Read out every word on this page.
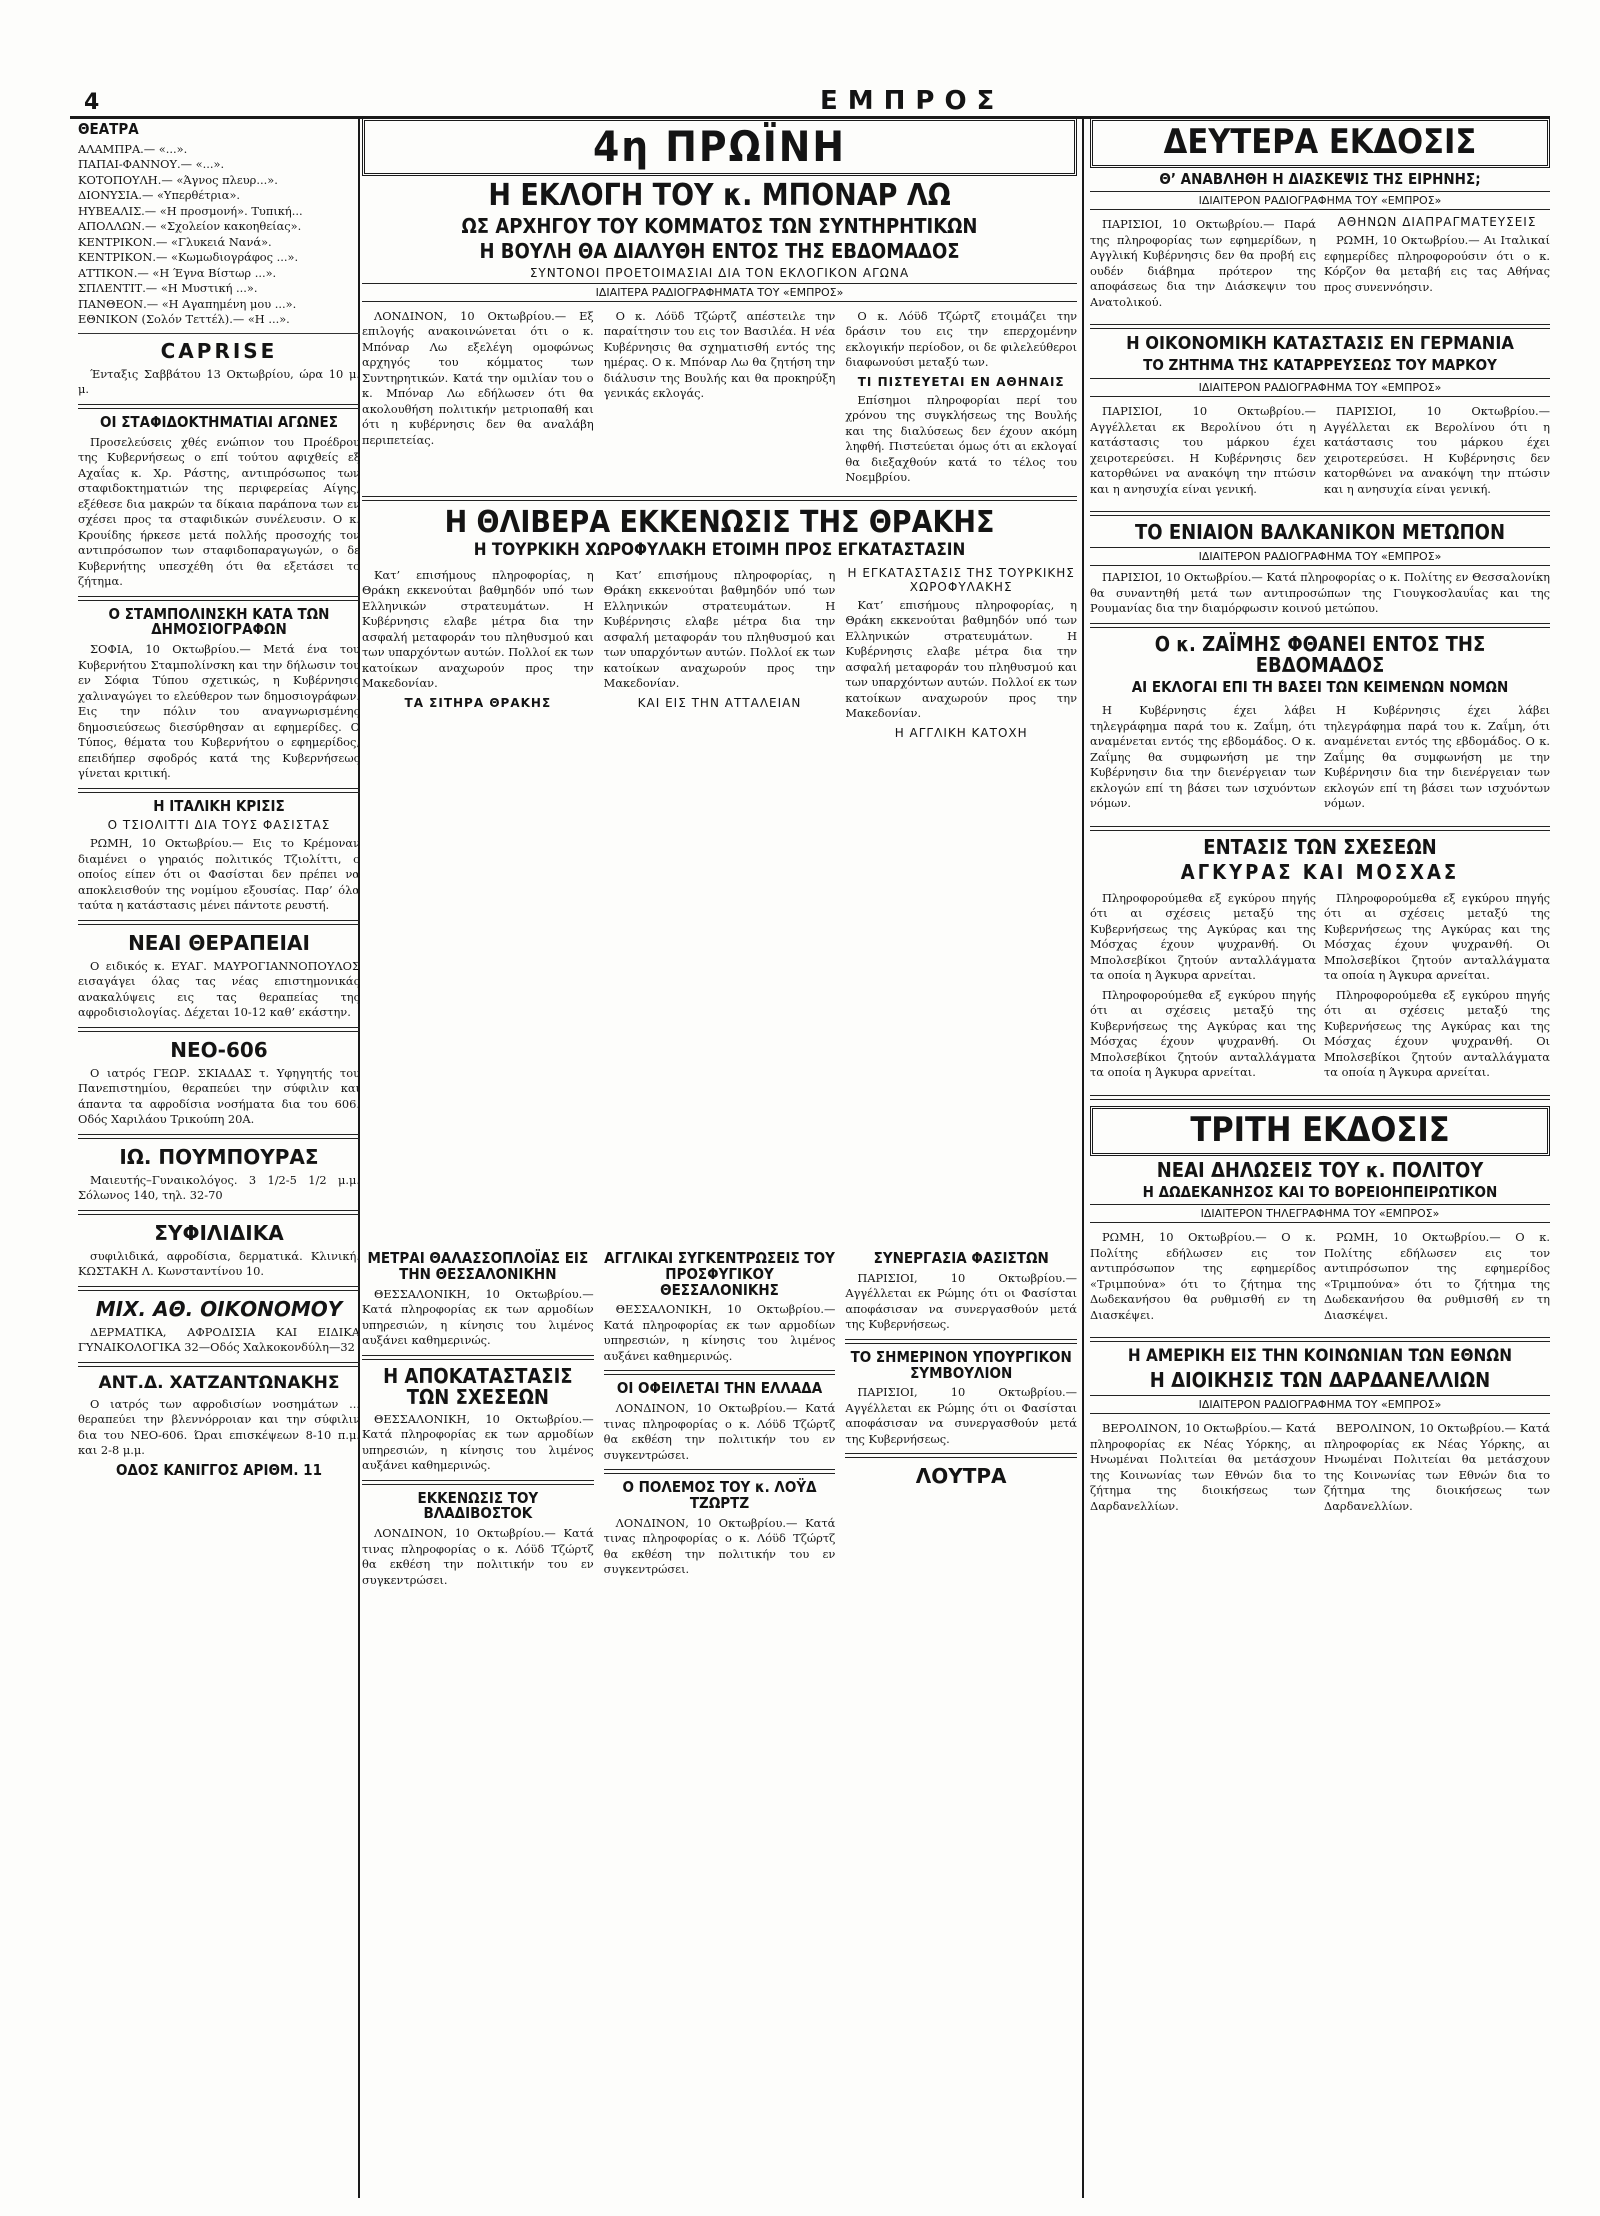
4	ΕΜΠΡΟΣ
ΘΕΑΤΡΑ
ΑΛΑΜΠΡΑ.— «...».
ΠΑΠΑΙ-ΦΑΝΝΟΥ.— «...».
ΚΟΤΟΠΟΥΛΗ.— «Άγνος πλευρ...».
ΔΙΟΝΥΣΙΑ.— «Υπερθέτρια».
ΗΥΒΕΑΛΙΣ.— «Η προσμονή». Τυπική...
ΑΠΟΛΛΩΝ.— «Σχολείον κακοηθείας».
ΚΕΝΤΡΙΚΟΝ.— «Γλυκειά Νανά».
ΚΕΝΤΡΙΚΟΝ.— «Κωμωδιογράφος ...».
ΑΤΤΙΚΟΝ.— «Η Έγνα Βίστωρ ...».
ΣΠΛΕΝΤΙΤ.— «Η Μυστική ...».
ΠΑΝΘΕΟΝ.— «Η Αγαπημένη μου ...».
ΕΘΝΙΚΟΝ (Σολόν Τεττέλ).— «Η ...».
CAPRISE

Ένταξις Σαββάτου 13 Οκτωβρίου, ώρα 10 μ. μ.

ΟΙ ΣΤΑΦΙΔΟΚΤΗΜΑΤΙΑΙ ΑΓΩΝΕΣ

Προσελεύσεις χθές ενώπιον του Προέδρου της Κυβερνήσεως ο επί τούτου αφιχθείς εξ Αχαΐας κ. Χρ. Ράστης, αντιπρόσωπος των σταφιδοκτηματιών της περιφερείας Αίγης, εξέθεσε δια μακρών τα δίκαια παράπονα των εν σχέσει προς τα σταφιδικών συνέλευσιν. Ο κ. Κρουίδης ήρκεσε μετά πολλής προσοχής τον αντιπρόσωπον των σταφιδοπαραγωγών, ο δε Κυβερνήτης υπεσχέθη ότι θα εξετάσει το ζήτημα.

Ο ΣΤΑΜΠΟΛΙΝΣΚΗ ΚΑΤΑ ΤΩΝ ΔΗΜΟΣΙΟΓΡΑΦΩΝ

ΣΟΦΙΑ, 10 Οκτωβρίου.— Μετά ένα του Κυβερνήτου Σταμπολίνσκη και την δήλωσιν του εν Σόφια Τύπου σχετικώς, η Κυβέρνησις χαλιναγώγει το ελεύθερον των δημοσιογράφων. Εις την πόλιν του αναγνωρισμένης δημοσιεύσεως διεσύρθησαν αι εφημερίδες. Ο Τύπος, θέματα του Κυβερνήτου ο εφημερίδος, επειδήπερ σφοδρός κατά της Κυβερνήσεως γίνεται κριτική.

Η ΙΤΑΛΙΚΗ ΚΡΙΣΙΣ
Ο ΤΣΙΟΛΙΤΤΙ ΔΙΑ ΤΟΥΣ ΦΑΣΙΣΤΑΣ

ΡΩΜΗ, 10 Οκτωβρίου.— Εις το Κρέμοναν διαμένει ο γηραιός πολιτικός Τζιολίττι, ο οποίος είπεν ότι οι Φασίσται δεν πρέπει να αποκλεισθούν της νομίμου εξουσίας. Παρ’ όλα ταύτα η κατάστασις μένει πάντοτε ρευστή.

ΝΕΑΙ ΘΕΡΑΠΕΙΑΙ

Ο ειδικός κ. ΕΥΑΓ. ΜΑΥΡΟΓΙΑΝΝΟΠΟΥΛΟΣ εισαγάγει όλας τας νέας επιστημονικάς ανακαλύψεις εις τας θεραπείας της αφροδισιολογίας. Δέχεται 10-12 καθ’ εκάστην.

ΝΕΟ-606

Ο ιατρός ΓΕΩΡ. ΣΚΙΑΔΑΣ τ. Υφηγητής του Πανεπιστημίου, θεραπεύει την σύφιλιν και άπαντα τα αφροδίσια νοσήματα δια του 606. Οδός Χαριλάου Τρικούπη 20Α.

ΙΩ. ΠΟΥΜΠΟΥΡΑΣ

Μαιευτής–Γυναικολόγος. 3 1/2-5 1/2 μ.μ. Σόλωνος 140, τηλ. 32-70

ΣΥΦΙΛΙΔΙΚΑ

συφιλιδικά, αφροδίσια, δερματικά. Κλινική. ΚΩΣΤΑΚΗ Λ. Κωνσταντίνου 10.

ΜΙΧ. ΑΘ. ΟΙΚΟΝΟΜΟΥ

ΔΕΡΜΑΤΙΚΑ, ΑΦΡΟΔΙΣΙΑ ΚΑΙ ΕΙΔΙΚΑ ΓΥΝΑΙΚΟΛΟΓΙΚΑ 32—Οδός Χαλκοκονδύλη—32

ΑΝΤ.Δ. ΧΑΤΖΑΝΤΩΝΑΚΗΣ

Ο ιατρός των αφροδισίων νοσημάτων ... θεραπεύει την βλεννόρροιαν και την σύφιλιν δια του ΝΕΟ-606. Ώραι επισκέψεων 8-10 π.μ. και 2-8 μ.μ.

ΟΔΟΣ ΚΑΝΙΓΓΟΣ ΑΡΙΘΜ. 11
4η ΠΡΩΪΝΗ
Η ΕΚΛΟΓΗ ΤΟΥ κ. ΜΠΟΝΑΡ ΛΩ
ΩΣ ΑΡΧΗΓΟΥ ΤΟΥ ΚΟΜΜΑΤΟΣ ΤΩΝ ΣΥΝΤΗΡΗΤΙΚΩΝ
Η ΒΟΥΛΗ ΘΑ ΔΙΑΛΥΘΗ ΕΝΤΟΣ ΤΗΣ ΕΒΔΟΜΑΔΟΣ
ΣΥΝΤΟΝΟΙ ΠΡΟΕΤΟΙΜΑΣΙΑΙ ΔΙΑ ΤΟΝ ΕΚΛΟΓΙΚΟΝ ΑΓΩΝΑ
ΙΔΙΑΙΤΕΡΑ ΡΑΔΙΟΓΡΑΦΗΜΑΤΑ ΤΟΥ «ΕΜΠΡΟΣ»

ΛΟΝΔΙΝΟΝ, 10 Οκτωβρίου.— Εξ επιλογής ανακοινώνεται ότι ο κ. Μπόναρ Λω εξελέγη ομοφώνως αρχηγός του κόμματος των Συντηρητικών. Κατά την ομιλίαν του ο κ. Μπόναρ Λω εδήλωσεν ότι θα ακολουθήση πολιτικήν μετριοπαθή και ότι η κυβέρνησις δεν θα αναλάβη περιπετείας.

Ο κ. Λόϋδ Τζώρτζ απέστειλε την παραίτησιν του εις τον Βασιλέα. Η νέα Κυβέρνησις θα σχηματισθή εντός της ημέρας. Ο κ. Μπόναρ Λω θα ζητήση την διάλυσιν της Βουλής και θα προκηρύξη γενικάς εκλογάς.

Ο κ. Λόϋδ Τζώρτζ ετοιμάζει την δράσιν του εις την επερχομένην εκλογικήν περίοδον, οι δε φιλελεύθεροι διαφωνούσι μεταξύ των.

ΤΙ ΠΙΣΤΕΥΕΤΑΙ ΕΝ ΑΘΗΝΑΙΣ

Επίσημοι πληροφορίαι περί του χρόνου της συγκλήσεως της Βουλής και της διαλύσεως δεν έχουν ακόμη ληφθή. Πιστεύεται όμως ότι αι εκλογαί θα διεξαχθούν κατά το τέλος του Νοεμβρίου.

Η ΘΛΙΒΕΡΑ ΕΚΚΕΝΩΣΙΣ ΤΗΣ ΘΡΑΚΗΣ
Η ΤΟΥΡΚΙΚΗ ΧΩΡΟΦΥΛΑΚΗ ΕΤΟΙΜΗ ΠΡΟΣ ΕΓΚΑΤΑΣΤΑΣΙΝ

Κατ’ επισήμους πληροφορίας, η Θράκη εκκενούται βαθμηδόν υπό των Ελληνικών στρατευμάτων. Η Κυβέρνησις ελαβε μέτρα δια την ασφαλή μεταφοράν του πληθυσμού και των υπαρχόντων αυτών. Πολλοί εκ των κατοίκων αναχωρούν προς την Μακεδονίαν.

ΤΑ ΣΙΤΗΡΑ ΘΡΑΚΗΣ

Κατ’ επισήμους πληροφορίας, η Θράκη εκκενούται βαθμηδόν υπό των Ελληνικών στρατευμάτων. Η Κυβέρνησις ελαβε μέτρα δια την ασφαλή μεταφοράν του πληθυσμού και των υπαρχόντων αυτών. Πολλοί εκ των κατοίκων αναχωρούν προς την Μακεδονίαν.

ΚΑΙ ΕΙΣ ΤΗΝ ΑΤΤΑΛΕΙΑΝ
Η ΕΓΚΑΤΑΣΤΑΣΙΣ ΤΗΣ ΤΟΥΡΚΙΚΗΣ ΧΩΡΟΦΥΛΑΚΗΣ

Κατ’ επισήμους πληροφορίας, η Θράκη εκκενούται βαθμηδόν υπό των Ελληνικών στρατευμάτων. Η Κυβέρνησις ελαβε μέτρα δια την ασφαλή μεταφοράν του πληθυσμού και των υπαρχόντων αυτών. Πολλοί εκ των κατοίκων αναχωρούν προς την Μακεδονίαν.

Η ΑΓΓΛΙΚΗ ΚΑΤΟΧΗ
ΜΕΤΡΑΙ ΘΑΛΑΣΣΟΠΛΟΪΑΣ ΕΙΣ ΤΗΝ ΘΕΣΣΑΛΟΝΙΚΗΝ

ΘΕΣΣΑΛΟΝΙΚΗ, 10 Οκτωβρίου.— Κατά πληροφορίας εκ των αρμοδίων υπηρεσιών, η κίνησις του λιμένος αυξάνει καθημερινώς.

Η ΑΠΟΚΑΤΑΣΤΑΣΙΣ ΤΩΝ ΣΧΕΣΕΩΝ

ΘΕΣΣΑΛΟΝΙΚΗ, 10 Οκτωβρίου.— Κατά πληροφορίας εκ των αρμοδίων υπηρεσιών, η κίνησις του λιμένος αυξάνει καθημερινώς.

ΕΚΚΕΝΩΣΙΣ ΤΟΥ ΒΛΑΔΙΒΟΣΤΟΚ

ΛΟΝΔΙΝΟΝ, 10 Οκτωβρίου.— Κατά τινας πληροφορίας ο κ. Λόϋδ Τζώρτζ θα εκθέση την πολιτικήν του εν συγκεντρώσει.

ΑΓΓΛΙΚΑΙ ΣΥΓΚΕΝΤΡΩΣΕΙΣ ΤΟΥ ΠΡΟΣΦΥΓΙΚΟΥ ΘΕΣΣΑΛΟΝΙΚΗΣ

ΘΕΣΣΑΛΟΝΙΚΗ, 10 Οκτωβρίου.— Κατά πληροφορίας εκ των αρμοδίων υπηρεσιών, η κίνησις του λιμένος αυξάνει καθημερινώς.

ΟΙ ΟΦΕΙΛΕΤΑΙ ΤΗΝ ΕΛΛΑΔΑ

ΛΟΝΔΙΝΟΝ, 10 Οκτωβρίου.— Κατά τινας πληροφορίας ο κ. Λόϋδ Τζώρτζ θα εκθέση την πολιτικήν του εν συγκεντρώσει.

Ο ΠΟΛΕΜΟΣ ΤΟΥ κ. ΛΟΫΔ ΤΖΩΡΤΖ

ΛΟΝΔΙΝΟΝ, 10 Οκτωβρίου.— Κατά τινας πληροφορίας ο κ. Λόϋδ Τζώρτζ θα εκθέση την πολιτικήν του εν συγκεντρώσει.

ΣΥΝΕΡΓΑΣΙΑ ΦΑΣΙΣΤΩΝ

ΠΑΡΙΣΙΟΙ, 10 Οκτωβρίου.— Αγγέλλεται εκ Ρώμης ότι οι Φασίσται αποφάσισαν να συνεργασθούν μετά της Κυβερνήσεως.

ΤΟ ΣΗΜΕΡΙΝΟΝ ΥΠΟΥΡΓΙΚΟΝ ΣΥΜΒΟΥΛΙΟΝ

ΠΑΡΙΣΙΟΙ, 10 Οκτωβρίου.— Αγγέλλεται εκ Ρώμης ότι οι Φασίσται αποφάσισαν να συνεργασθούν μετά της Κυβερνήσεως.

ΛΟΥΤΡΑ
ΔΕΥΤΕΡΑ ΕΚΔΟΣΙΣ
Θ’ ΑΝΑΒΛΗΘΗ Η ΔΙΑΣΚΕΨΙΣ ΤΗΣ ΕΙΡΗΝΗΣ;
ΙΔΙΑΙΤΕΡΟΝ ΡΑΔΙΟΓΡΑΦΗΜΑ ΤΟΥ «ΕΜΠΡΟΣ»

ΠΑΡΙΣΙΟΙ, 10 Οκτωβρίου.— Παρά της πληροφορίας των εφημερίδων, η Αγγλική Κυβέρνησις δεν θα προβή εις ουδέν διάβημα πρότερον της αποφάσεως δια την Διάσκεψιν του Ανατολικού.

ΑΘΗΝΩΝ ΔΙΑΠΡΑΓΜΑΤΕΥΣΕΙΣ

ΡΩΜΗ, 10 Οκτωβρίου.— Αι Ιταλικαί εφημερίδες πληροφορούσιν ότι ο κ. Κόρζον θα μεταβή εις τας Αθήνας προς συνεννόησιν.

Η ΟΙΚΟΝΟΜΙΚΗ ΚΑΤΑΣΤΑΣΙΣ ΕΝ ΓΕΡΜΑΝΙΑ
ΤΟ ΖΗΤΗΜΑ ΤΗΣ ΚΑΤΑΡΡΕΥΣΕΩΣ ΤΟΥ ΜΑΡΚΟΥ
ΙΔΙΑΙΤΕΡΟΝ ΡΑΔΙΟΓΡΑΦΗΜΑ ΤΟΥ «ΕΜΠΡΟΣ»

ΠΑΡΙΣΙΟΙ, 10 Οκτωβρίου.— Αγγέλλεται εκ Βερολίνου ότι η κατάστασις του μάρκου έχει χειροτερεύσει. Η Κυβέρνησις δεν κατορθώνει να ανακόψη την πτώσιν και η ανησυχία είναι γενική.

ΠΑΡΙΣΙΟΙ, 10 Οκτωβρίου.— Αγγέλλεται εκ Βερολίνου ότι η κατάστασις του μάρκου έχει χειροτερεύσει. Η Κυβέρνησις δεν κατορθώνει να ανακόψη την πτώσιν και η ανησυχία είναι γενική.

ΤΟ ΕΝΙΑΙΟΝ ΒΑΛΚΑΝΙΚΟΝ ΜΕΤΩΠΟΝ
ΙΔΙΑΙΤΕΡΟΝ ΡΑΔΙΟΓΡΑΦΗΜΑ ΤΟΥ «ΕΜΠΡΟΣ»

ΠΑΡΙΣΙΟΙ, 10 Οκτωβρίου.— Κατά πληροφορίας ο κ. Πολίτης εν Θεσσαλονίκη θα συναντηθή μετά των αντιπροσώπων της Γιουγκοσλαυΐας και της Ρουμανίας δια την διαμόρφωσιν κοινού μετώπου.

Ο κ. ΖΑΪΜΗΣ ΦΘΑΝΕΙ ΕΝΤΟΣ ΤΗΣ ΕΒΔΟΜΑΔΟΣ
ΑΙ ΕΚΛΟΓΑΙ ΕΠΙ ΤΗ ΒΑΣΕΙ ΤΩΝ ΚΕΙΜΕΝΩΝ ΝΟΜΩΝ

Η Κυβέρνησις έχει λάβει τηλεγράφημα παρά του κ. Ζαΐμη, ότι αναμένεται εντός της εβδομάδος. Ο κ. Ζαΐμης θα συμφωνήση με την Κυβέρνησιν δια την διενέργειαν των εκλογών επί τη βάσει των ισχυόντων νόμων.

Η Κυβέρνησις έχει λάβει τηλεγράφημα παρά του κ. Ζαΐμη, ότι αναμένεται εντός της εβδομάδος. Ο κ. Ζαΐμης θα συμφωνήση με την Κυβέρνησιν δια την διενέργειαν των εκλογών επί τη βάσει των ισχυόντων νόμων.

ΕΝΤΑΣΙΣ ΤΩΝ ΣΧΕΣΕΩΝ
ΑΓΚΥΡΑΣ ΚΑΙ ΜΟΣΧΑΣ

Πληροφορούμεθα εξ εγκύρου πηγής ότι αι σχέσεις μεταξύ της Κυβερνήσεως της Αγκύρας και της Μόσχας έχουν ψυχρανθή. Οι Μπολσεβίκοι ζητούν ανταλλάγματα τα οποία η Άγκυρα αρνείται.

Πληροφορούμεθα εξ εγκύρου πηγής ότι αι σχέσεις μεταξύ της Κυβερνήσεως της Αγκύρας και της Μόσχας έχουν ψυχρανθή. Οι Μπολσεβίκοι ζητούν ανταλλάγματα τα οποία η Άγκυρα αρνείται.

Πληροφορούμεθα εξ εγκύρου πηγής ότι αι σχέσεις μεταξύ της Κυβερνήσεως της Αγκύρας και της Μόσχας έχουν ψυχρανθή. Οι Μπολσεβίκοι ζητούν ανταλλάγματα τα οποία η Άγκυρα αρνείται.

Πληροφορούμεθα εξ εγκύρου πηγής ότι αι σχέσεις μεταξύ της Κυβερνήσεως της Αγκύρας και της Μόσχας έχουν ψυχρανθή. Οι Μπολσεβίκοι ζητούν ανταλλάγματα τα οποία η Άγκυρα αρνείται.

ΤΡΙΤΗ ΕΚΔΟΣΙΣ
ΝΕΑΙ ΔΗΛΩΣΕΙΣ ΤΟΥ κ. ΠΟΛΙΤΟΥ
Η ΔΩΔΕΚΑΝΗΣΟΣ ΚΑΙ ΤΟ ΒΟΡΕΙΟΗΠΕΙΡΩΤΙΚΟΝ
ΙΔΙΑΙΤΕΡΟΝ ΤΗΛΕΓΡΑΦΗΜΑ ΤΟΥ «ΕΜΠΡΟΣ»

ΡΩΜΗ, 10 Οκτωβρίου.— Ο κ. Πολίτης εδήλωσεν εις τον αντιπρόσωπον της εφημερίδος «Τριμπούνα» ότι το ζήτημα της Δωδεκανήσου θα ρυθμισθή εν τη Διασκέψει.

ΡΩΜΗ, 10 Οκτωβρίου.— Ο κ. Πολίτης εδήλωσεν εις τον αντιπρόσωπον της εφημερίδος «Τριμπούνα» ότι το ζήτημα της Δωδεκανήσου θα ρυθμισθή εν τη Διασκέψει.

Η ΑΜΕΡΙΚΗ ΕΙΣ ΤΗΝ ΚΟΙΝΩΝΙΑΝ ΤΩΝ ΕΘΝΩΝ
Η ΔΙΟΙΚΗΣΙΣ ΤΩΝ ΔΑΡΔΑΝΕΛΛΙΩΝ
ΙΔΙΑΙΤΕΡΟΝ ΡΑΔΙΟΓΡΑΦΗΜΑ ΤΟΥ «ΕΜΠΡΟΣ»

ΒΕΡΟΛΙΝΟΝ, 10 Οκτωβρίου.— Κατά πληροφορίας εκ Νέας Υόρκης, αι Ηνωμέναι Πολιτείαι θα μετάσχουν της Κοινωνίας των Εθνών δια το ζήτημα της διοικήσεως των Δαρδανελλίων.

ΒΕΡΟΛΙΝΟΝ, 10 Οκτωβρίου.— Κατά πληροφορίας εκ Νέας Υόρκης, αι Ηνωμέναι Πολιτείαι θα μετάσχουν της Κοινωνίας των Εθνών δια το ζήτημα της διοικήσεως των Δαρδανελλίων.
